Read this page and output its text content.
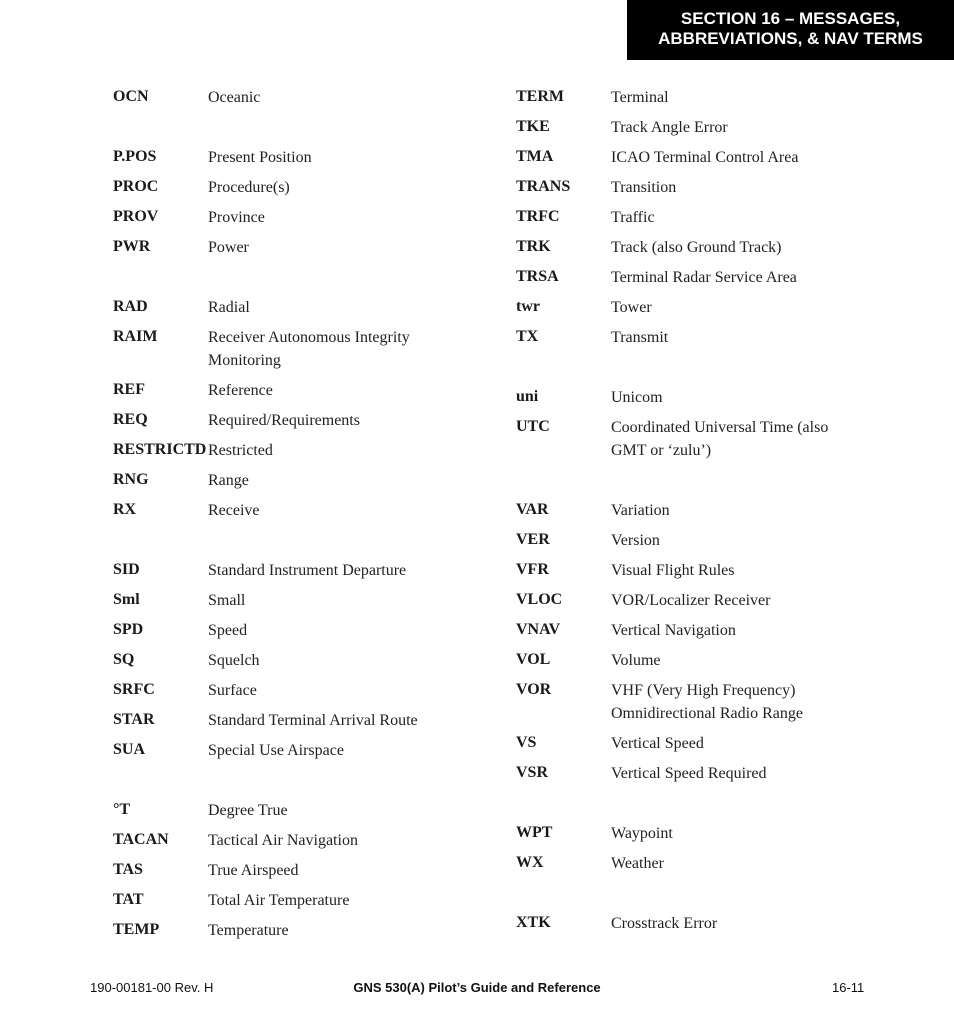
SECTION 16 – MESSAGES,
ABBREVIATIONS, & NAV TERMS
OCN	Oceanic
P.POS	Present Position
PROC	Procedure(s)
PROV	Province
PWR	Power
RAD	Radial
RAIM	Receiver Autonomous Integrity Monitoring
REF	Reference
REQ	Required/Requirements
RESTRICTD Restricted
RNG	Range
RX	Receive
SID	Standard Instrument Departure
Sml	Small
SPD	Speed
SQ	Squelch
SRFC	Surface
STAR	Standard Terminal Arrival Route
SUA	Special Use Airspace
°T	Degree True
TACAN	Tactical Air Navigation
TAS	True Airspeed
TAT	Total Air Temperature
TEMP	Temperature
TERM	Terminal
TKE	Track Angle Error
TMA	ICAO Terminal Control Area
TRANS	Transition
TRFC	Traffic
TRK	Track (also Ground Track)
TRSA	Terminal Radar Service Area
twr	Tower
TX	Transmit
uni	Unicom
UTC	Coordinated Universal Time (also GMT or ‘zulu’)
VAR	Variation
VER	Version
VFR	Visual Flight Rules
VLOC	VOR/Localizer Receiver
VNAV	Vertical Navigation
VOL	Volume
VOR	VHF (Very High Frequency) Omnidirectional Radio Range
VS	Vertical Speed
VSR	Vertical Speed Required
WPT	Waypoint
WX	Weather
XTK	Crosstrack Error
190-00181-00 Rev. H	GNS 530(A) Pilot’s Guide and Reference	16-11
